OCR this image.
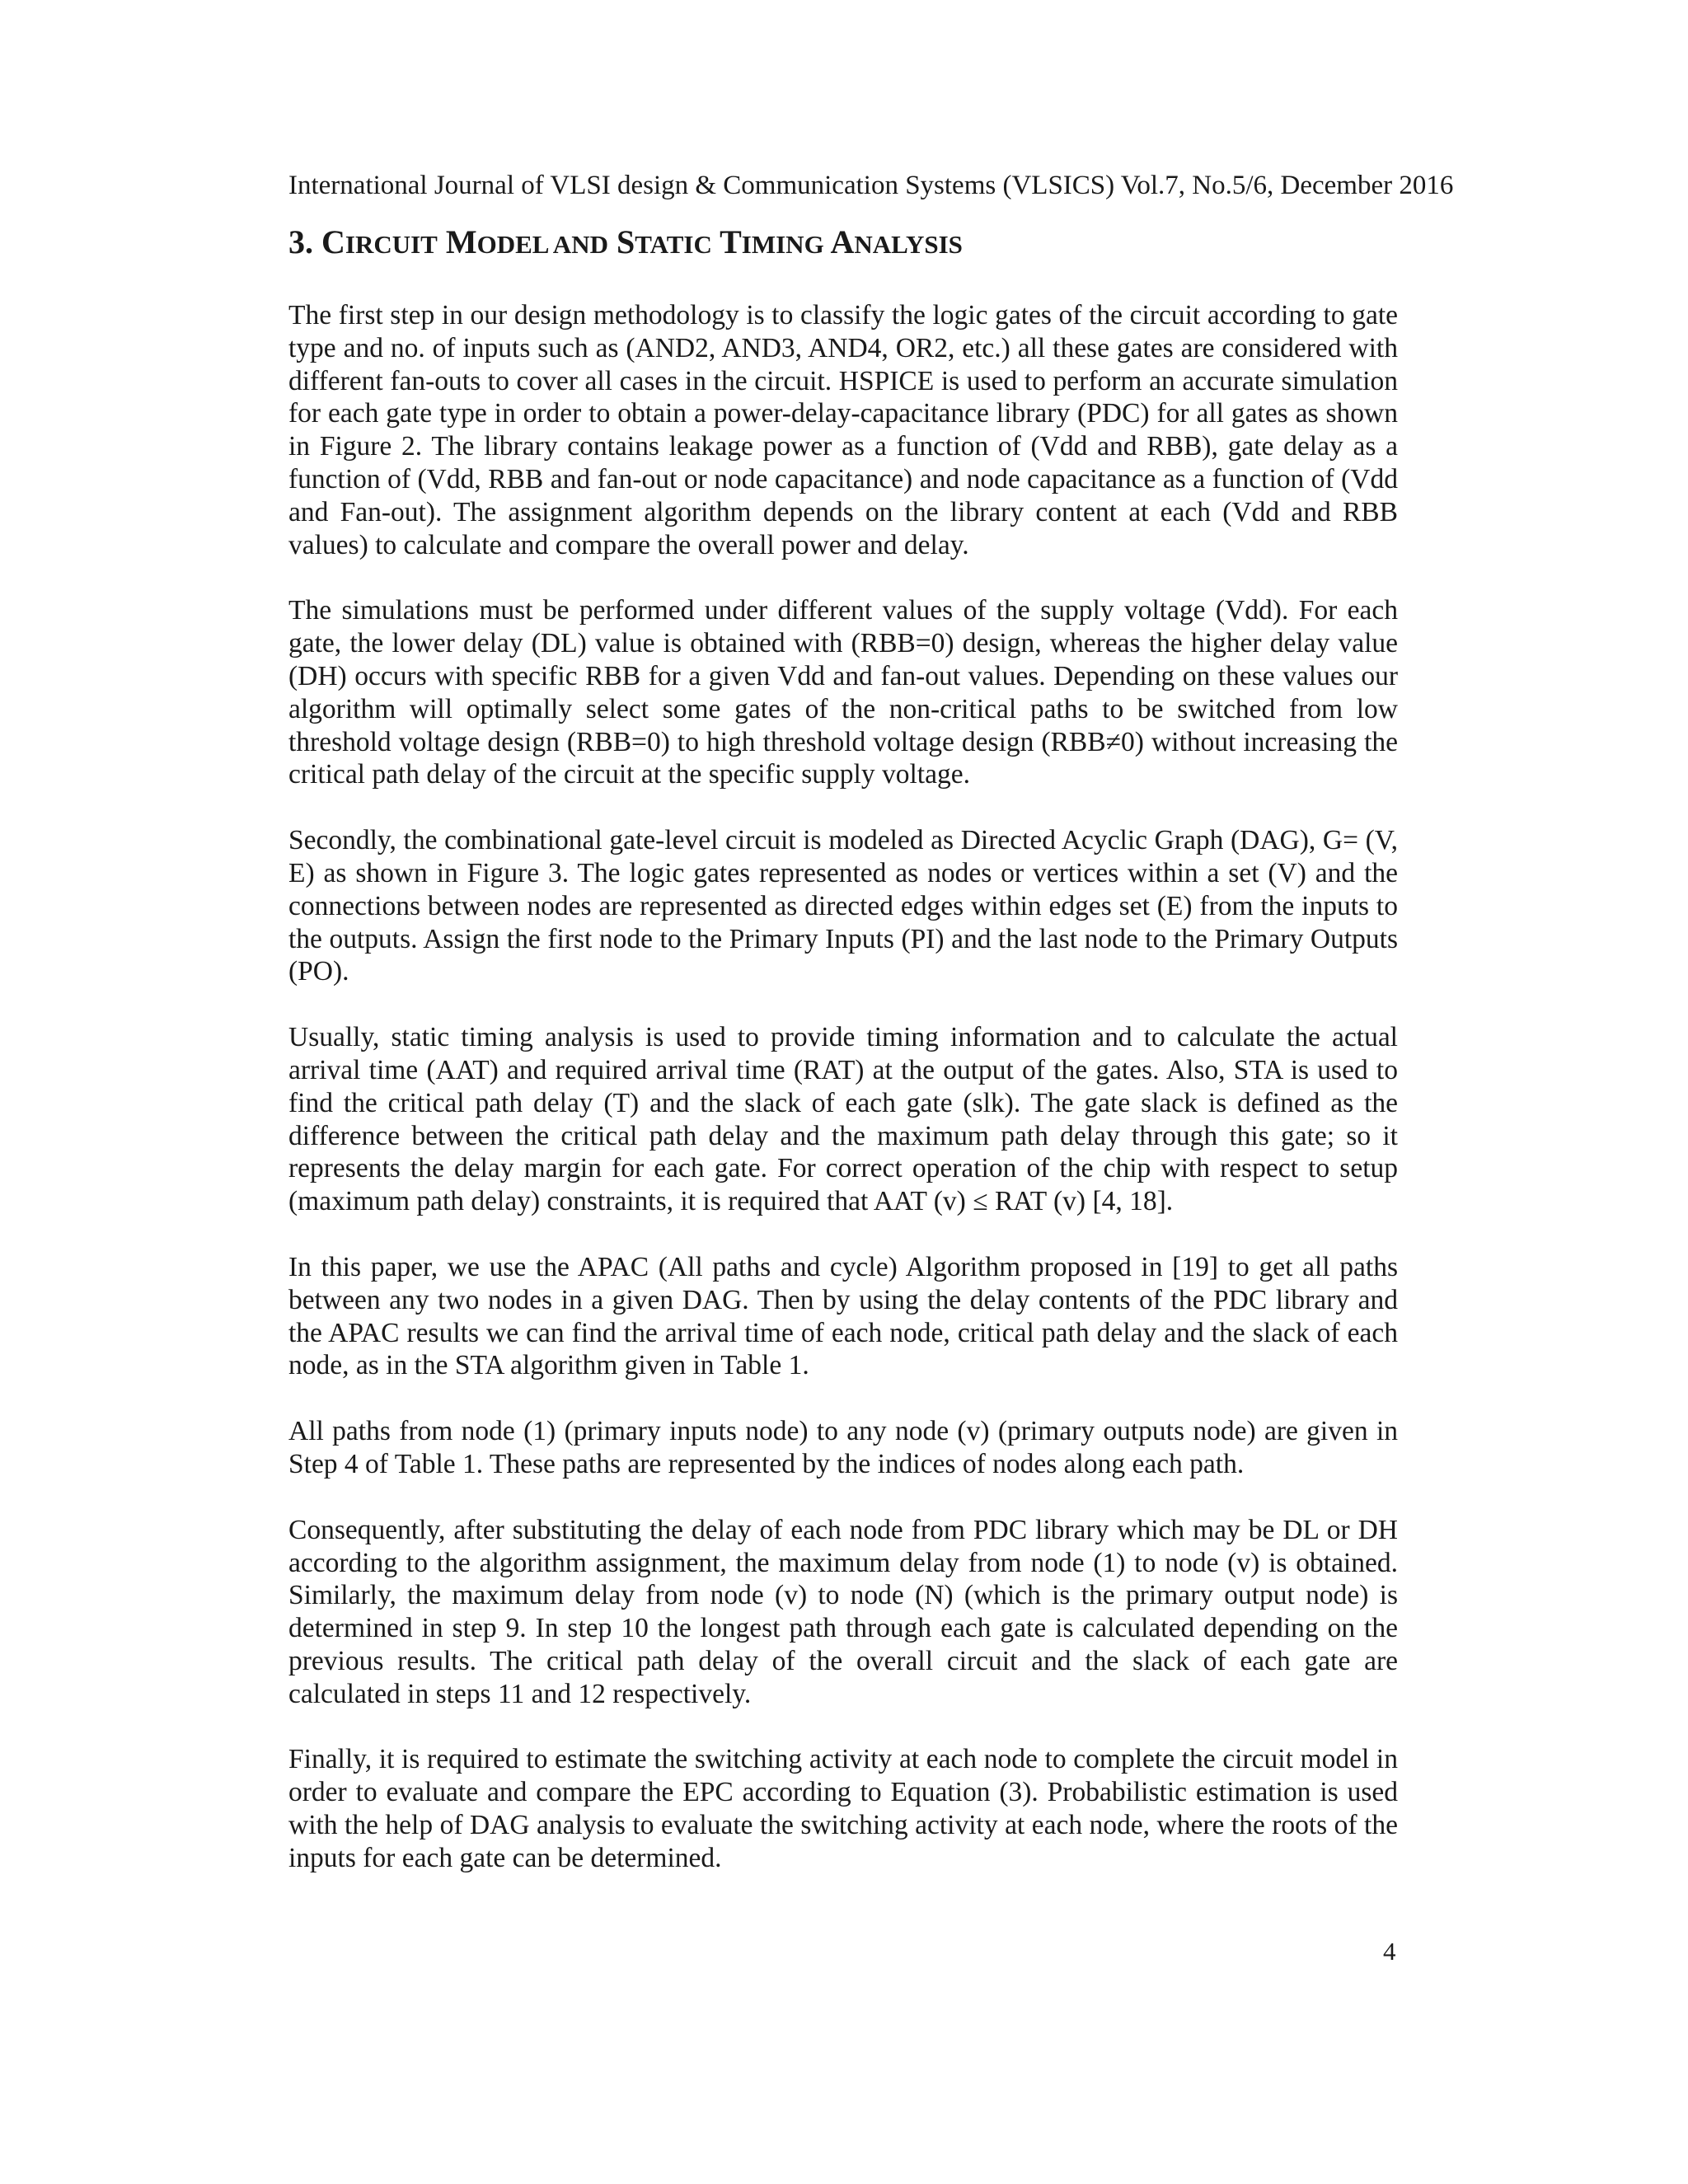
International Journal of VLSI design & Communication Systems (VLSICS) Vol.7, No.5/6, December 2016
3. CIRCUIT MODEL AND STATIC TIMING ANALYSIS

The first step in our design methodology is to classify the logic gates of the circuit according to gate type and no. of inputs such as (AND2, AND3, AND4, OR2, etc.) all these gates are considered with different fan-outs to cover all cases in the circuit. HSPICE is used to perform an accurate simulation for each gate type in order to obtain a power-delay-capacitance library (PDC) for all gates as shown in Figure 2. The library contains leakage power as a function of (Vdd and RBB), gate delay as a function of (Vdd, RBB and fan-out or node capacitance) and node capacitance as a function of (Vdd and Fan-out). The assignment algorithm depends on the library content at each (Vdd and RBB values) to calculate and compare the overall power and delay.

The simulations must be performed under different values of the supply voltage (Vdd). For each gate, the lower delay (DL) value is obtained with (RBB=0) design, whereas the higher delay value (DH) occurs with specific RBB for a given Vdd and fan-out values. Depending on these values our algorithm will optimally select some gates of the non-critical paths to be switched from low threshold voltage design (RBB=0) to high threshold voltage design (RBB≠0) without increasing the critical path delay of the circuit at the specific supply voltage.

Secondly, the combinational gate-level circuit is modeled as Directed Acyclic Graph (DAG), G= (V, E) as shown in Figure 3. The logic gates represented as nodes or vertices within a set (V) and the connections between nodes are represented as directed edges within edges set (E) from the inputs to the outputs. Assign the first node to the Primary Inputs (PI) and the last node to the Primary Outputs (PO).

Usually, static timing analysis is used to provide timing information and to calculate the actual arrival time (AAT) and required arrival time (RAT) at the output of the gates. Also, STA is used to find the critical path delay (T) and the slack of each gate (slk). The gate slack is defined as the difference between the critical path delay and the maximum path delay through this gate; so it represents the delay margin for each gate. For correct operation of the chip with respect to setup (maximum path delay) constraints, it is required that AAT (v) ≤ RAT (v) [4, 18].

In this paper, we use the APAC (All paths and cycle) Algorithm proposed in [19] to get all paths between any two nodes in a given DAG. Then by using the delay contents of the PDC library and the APAC results we can find the arrival time of each node, critical path delay and the slack of each node, as in the STA algorithm given in Table 1.

All paths from node (1) (primary inputs node) to any node (v) (primary outputs node) are given in Step 4 of Table 1. These paths are represented by the indices of nodes along each path.

Consequently, after substituting the delay of each node from PDC library which may be DL or DH according to the algorithm assignment, the maximum delay from node (1) to node (v) is obtained. Similarly, the maximum delay from node (v) to node (N) (which is the primary output node) is determined in step 9. In step 10 the longest path through each gate is calculated depending on the previous results. The critical path delay of the overall circuit and the slack of each gate are calculated in steps 11 and 12 respectively.

Finally, it is required to estimate the switching activity at each node to complete the circuit model in order to evaluate and compare the EPC according to Equation (3). Probabilistic estimation is used with the help of DAG analysis to evaluate the switching activity at each node, where the roots of the inputs for each gate can be determined.

4
